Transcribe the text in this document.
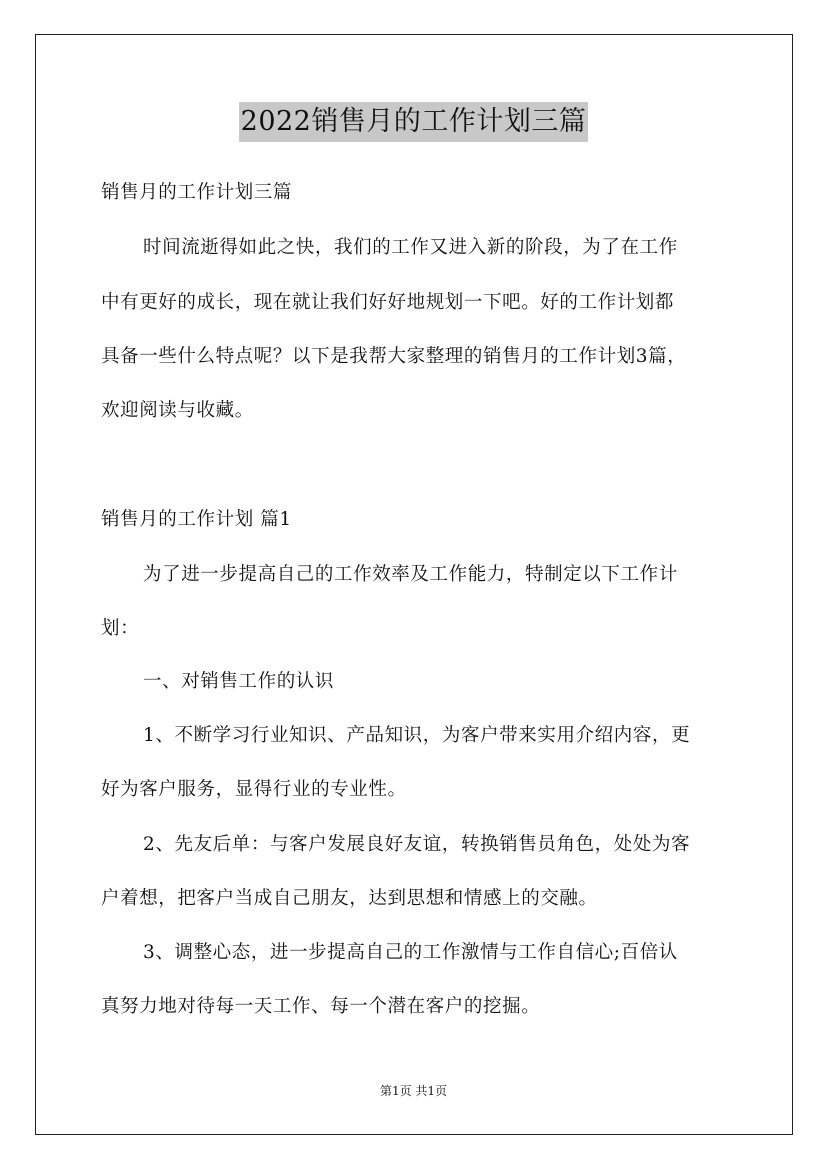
2022销售月的工作计划三篇
销售月的工作计划三篇
时间流逝得如此之快，我们的工作又进入新的阶段，为了在工作
中有更好的成长，现在就让我们好好地规划一下吧。好的工作计划都
具备一些什么特点呢？以下是我帮大家整理的销售月的工作计划3篇，
欢迎阅读与收藏。
销售月的工作计划 篇1
为了进一步提高自己的工作效率及工作能力，特制定以下工作计
划：
一、对销售工作的认识
1、不断学习行业知识、产品知识，为客户带来实用介绍内容，更
好为客户服务，显得行业的专业性。
2、先友后单：与客户发展良好友谊，转换销售员角色，处处为客
户着想，把客户当成自己朋友，达到思想和情感上的交融。
3、调整心态，进一步提高自己的工作激情与工作自信心;百倍认
真努力地对待每一天工作、每一个潜在客户的挖掘。
第1页 共1页
